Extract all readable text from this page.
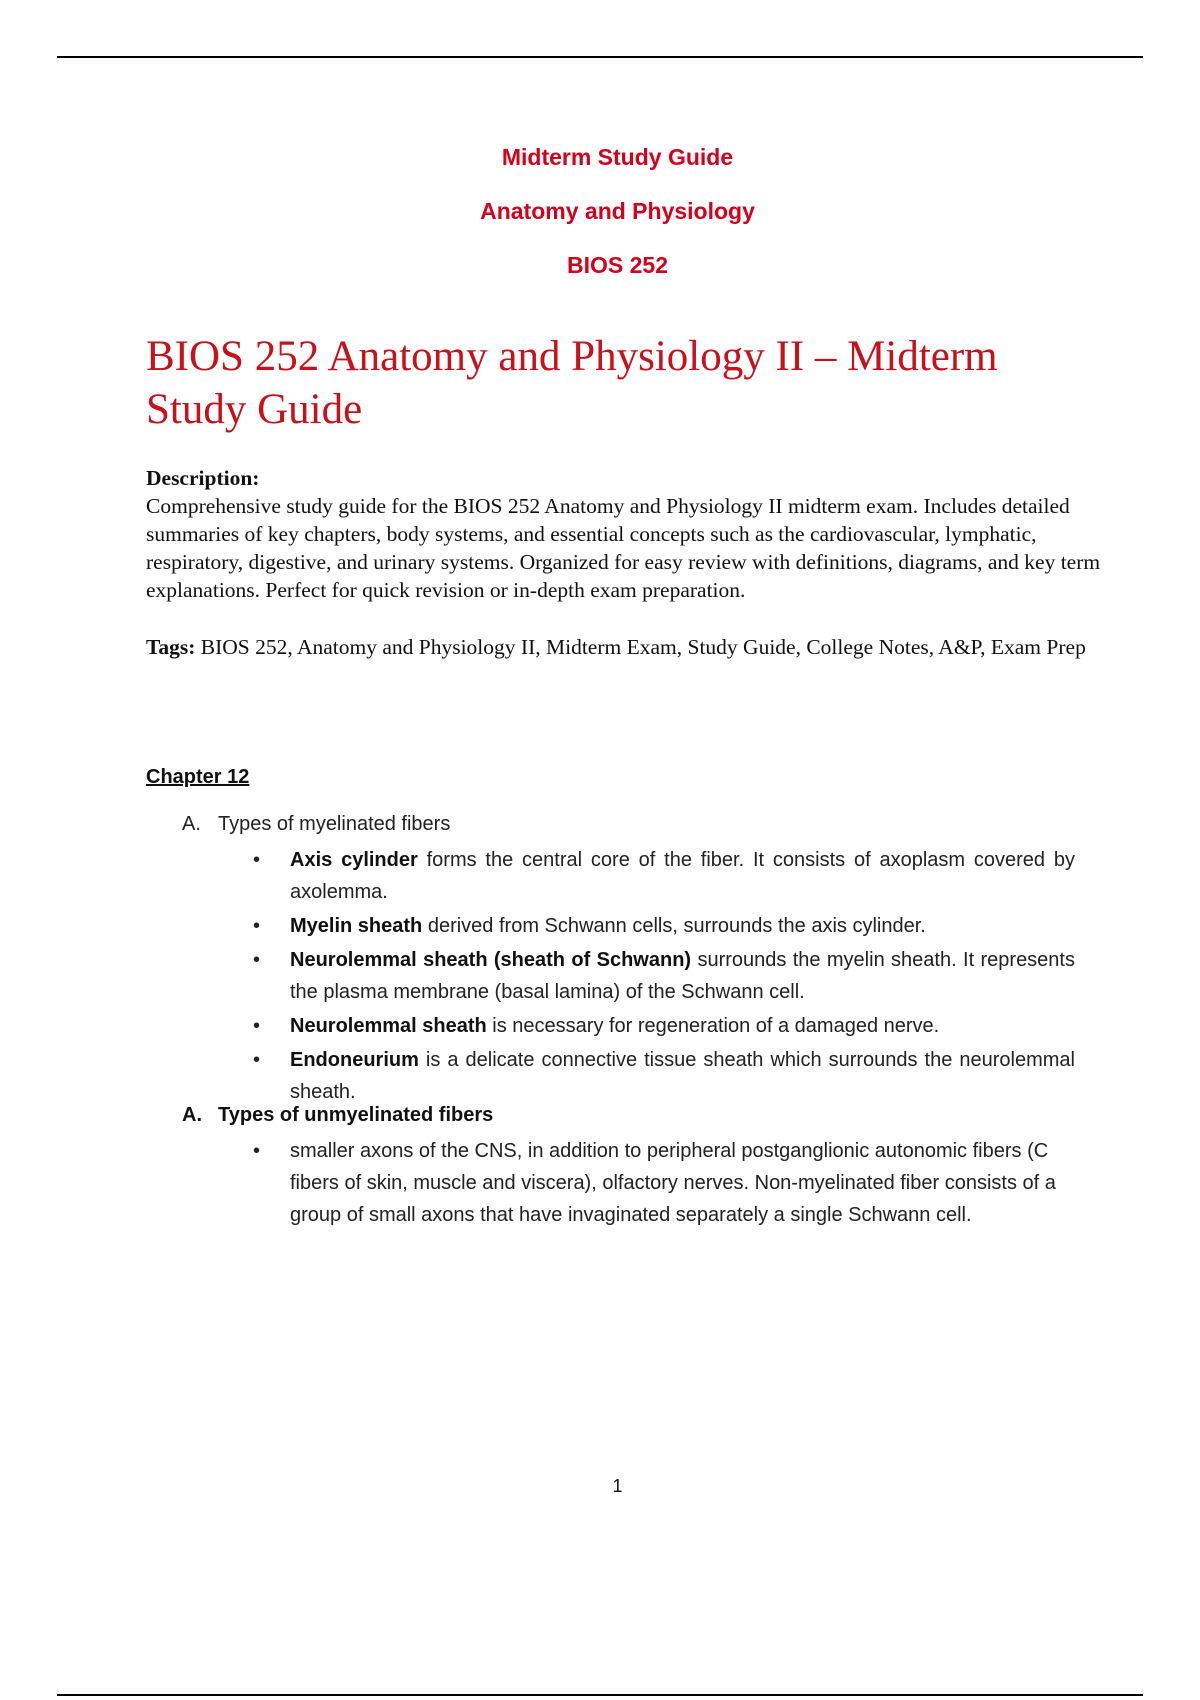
Midterm Study Guide
Anatomy and Physiology
BIOS 252
BIOS 252 Anatomy and Physiology II – Midterm Study Guide
Description:
Comprehensive study guide for the BIOS 252 Anatomy and Physiology II midterm exam. Includes detailed summaries of key chapters, body systems, and essential concepts such as the cardiovascular, lymphatic, respiratory, digestive, and urinary systems. Organized for easy review with definitions, diagrams, and key term explanations. Perfect for quick revision or in-depth exam preparation.
Tags: BIOS 252, Anatomy and Physiology II, Midterm Exam, Study Guide, College Notes, A&P, Exam Prep
Chapter 12
A. Types of myelinated fibers
• Axis cylinder forms the central core of the fiber. It consists of axoplasm covered by axolemma.
• Myelin sheath derived from Schwann cells, surrounds the axis cylinder.
• Neurolemmal sheath (sheath of Schwann) surrounds the myelin sheath. It represents the plasma membrane (basal lamina) of the Schwann cell.
• Neurolemmal sheath is necessary for regeneration of a damaged nerve.
• Endoneurium is a delicate connective tissue sheath which surrounds the neurolemmal sheath.
A. Types of unmyelinated fibers
• smaller axons of the CNS, in addition to peripheral postganglionic autonomic fibers (C fibers of skin, muscle and viscera), olfactory nerves. Non-myelinated fiber consists of a group of small axons that have invaginated separately a single Schwann cell.
1
